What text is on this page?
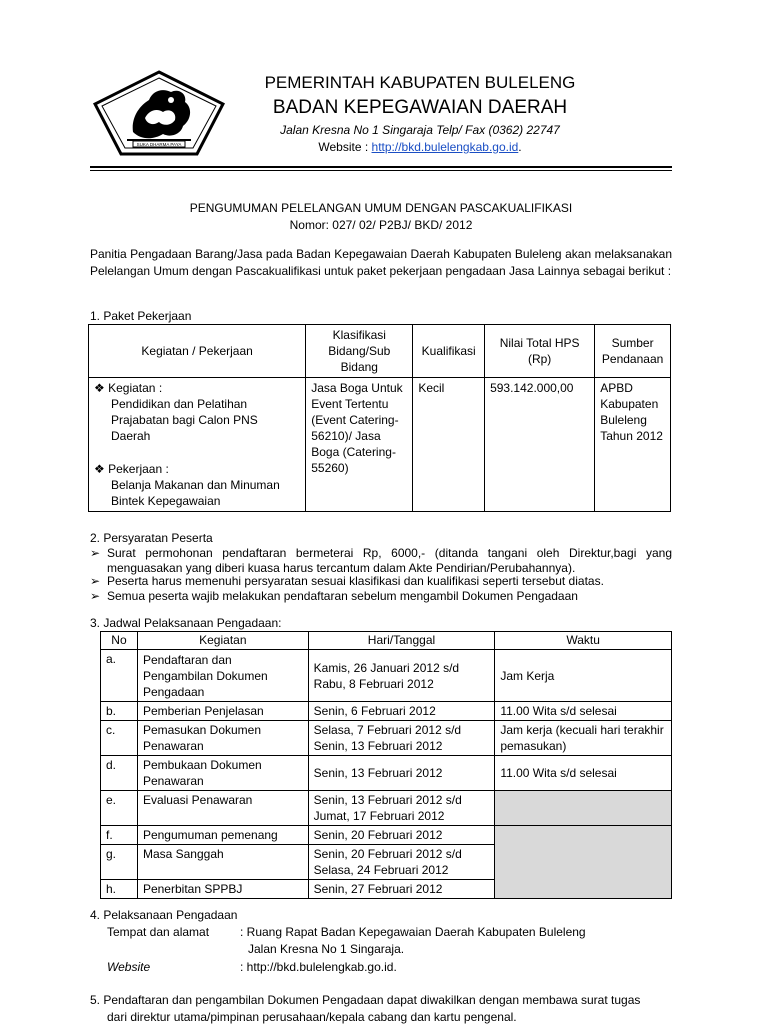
SUKA DHARMA PAYA
PEMERINTAH KABUPATEN BULELENG
BADAN KEPEGAWAIAN DAERAH
Jalan Kresna No 1 Singaraja Telp/ Fax (0362) 22747
Website : http://bkd.bulelengkab.go.id.
PENGUMUMAN PELELANGAN UMUM DENGAN PASCAKUALIFIKASI
Nomor: 027/ 02/ P2BJ/ BKD/ 2012
Panitia Pengadaan Barang/Jasa pada Badan Kepegawaian Daerah Kabupaten Buleleng akan melaksanakan Pelelangan Umum dengan Pascakualifikasi untuk paket pekerjaan pengadaan Jasa Lainnya sebagai berikut :
1. Paket Pekerjaan
Kegiatan / Pekerjaan	Klasifikasi Bidang/Sub Bidang	Kualifikasi	Nilai Total HPS (Rp)	Sumber Pendanaan

❖ Kegiatan :
Pendidikan dan Pelatihan Prajabatan bagi Calon PNS Daerah
❖ Pekerjaan :
Belanja Makanan dan Minuman Bintek Kepegawaian	Jasa Boga Untuk Event Tertentu (Event Catering-56210)/ Jasa Boga (Catering-55260)	Kecil	593.142.000,00	APBD Kabupaten Buleleng Tahun 2012
2. Persyaratan Peserta
➢ Surat permohonan pendaftaran bermeterai Rp, 6000,- (ditanda tangani oleh Direktur,bagi yang menguasakan yang diberi kuasa harus tercantum dalam Akte Pendirian/Perubahannya).
➢ Peserta harus memenuhi persyaratan sesuai klasifikasi dan kualifikasi seperti tersebut diatas.
➢ Semua peserta wajib melakukan pendaftaran sebelum mengambil Dokumen Pengadaan
3. Jadwal Pelaksanaan Pengadaan:
No	Kegiatan	Hari/Tanggal	Waktu
a.	Pendaftaran dan Pengambilan Dokumen Pengadaan	Kamis, 26 Januari 2012 s/d Rabu, 8 Februari 2012	Jam Kerja
b.	Pemberian Penjelasan	Senin, 6 Februari 2012	11.00 Wita s/d selesai
c.	Pemasukan Dokumen Penawaran	Selasa, 7 Februari 2012 s/d Senin, 13 Februari 2012	Jam kerja (kecuali hari terakhir pemasukan)
d.	Pembukaan Dokumen Penawaran	Senin, 13 Februari 2012	11.00 Wita s/d selesai
e.	Evaluasi Penawaran	Senin, 13 Februari 2012 s/d Jumat, 17 Februari 2012	
f.	Pengumuman pemenang	Senin, 20 Februari 2012	
g.	Masa Sanggah	Senin, 20 Februari 2012 s/d Selasa, 24 Februari 2012	
h.	Penerbitan SPPBJ	Senin, 27 Februari 2012	
4. Pelaksanaan Pengadaan
Tempat dan alamat	: Ruang Rapat Badan Kepegawaian Daerah Kabupaten Buleleng
Jalan Kresna No 1 Singaraja.
Website	: http://bkd.bulelengkab.go.id.
5. Pendaftaran dan pengambilan Dokumen Pengadaan dapat diwakilkan dengan membawa surat tugas
dari direktur utama/pimpinan perusahaan/kepala cabang dan kartu pengenal.
